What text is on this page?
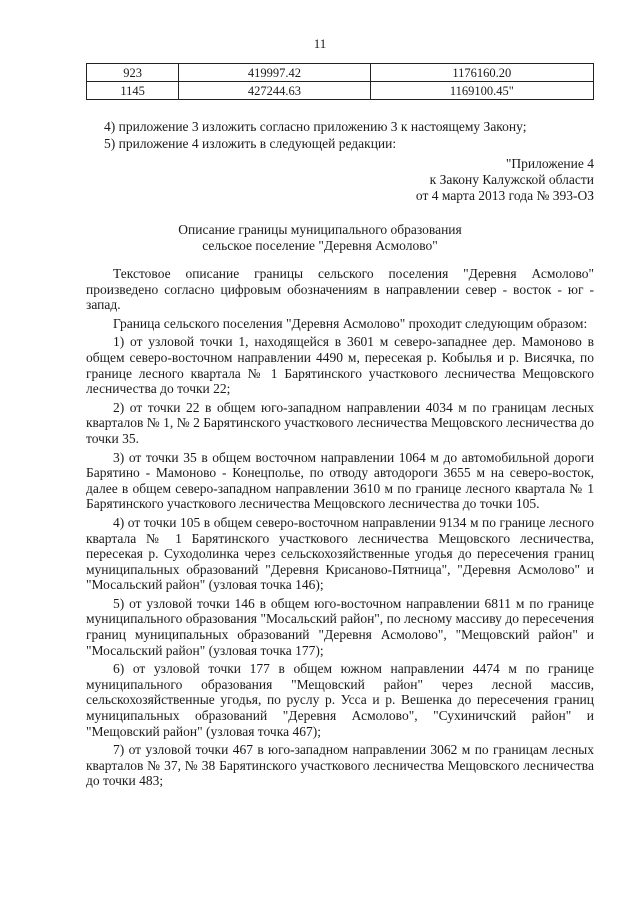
11
923	419997.42	1176160.20
1145	427244.63	1169100.45"
4) приложение 3 изложить согласно приложению 3 к настоящему Закону;
5) приложение 4 изложить в следующей редакции:
"Приложение 4
к Закону Калужской области
от 4 марта 2013 года № 393-ОЗ
Описание границы муниципального образования
сельское поселение "Деревня Асмолово"

Текстовое описание границы сельского поселения "Деревня Асмолово" произведено согласно цифровым обозначениям в направлении север - восток - юг - запад.

Граница сельского поселения "Деревня Асмолово" проходит следующим образом:

1) от узловой точки 1, находящейся в 3601 м северо-западнее дер. Мамоново в общем северо-восточном направлении 4490 м, пересекая р. Кобылья и р. Висячка, по границе лесного квартала № 1 Барятинского участкового лесничества Мещовского лесничества до точки 22;

2) от точки 22 в общем юго-западном направлении 4034 м по границам лесных кварталов № 1, № 2 Барятинского участкового лесничества Мещовского лесничества до точки 35.

3) от точки 35 в общем восточном направлении 1064 м до автомобильной дороги Барятино - Мамоново - Конецполье, по отводу автодороги 3655 м на северо-восток, далее в общем северо-западном направлении 3610 м по границе лесного квартала № 1 Барятинского участкового лесничества Мещовского лесничества до точки 105.

4) от точки 105 в общем северо-восточном направлении 9134 м по границе лесного квартала № 1 Барятинского участкового лесничества Мещовского лесничества, пересекая р. Суходолинка через сельскохозяйственные угодья до пересечения границ муниципальных образований "Деревня Крисаново-Пятница", "Деревня Асмолово" и "Мосальский район" (узловая точка 146);

5) от узловой точки 146 в общем юго-восточном направлении 6811 м по границе муниципального образования "Мосальский район", по лесному массиву до пересечения границ муниципальных образований "Деревня Асмолово", "Мещовский район" и "Мосальский район" (узловая точка 177);

6) от узловой точки 177 в общем южном направлении 4474 м по границе муниципального образования "Мещовский район" через лесной массив, сельскохозяйственные угодья, по руслу р. Усса и р. Вешенка до пересечения границ муниципальных образований "Деревня Асмолово", "Сухиничский район" и "Мещовский район" (узловая точка 467);

7) от узловой точки 467 в юго-западном направлении 3062 м по границам лесных кварталов № 37, № 38 Барятинского участкового лесничества Мещовского лесничества до точки 483;
